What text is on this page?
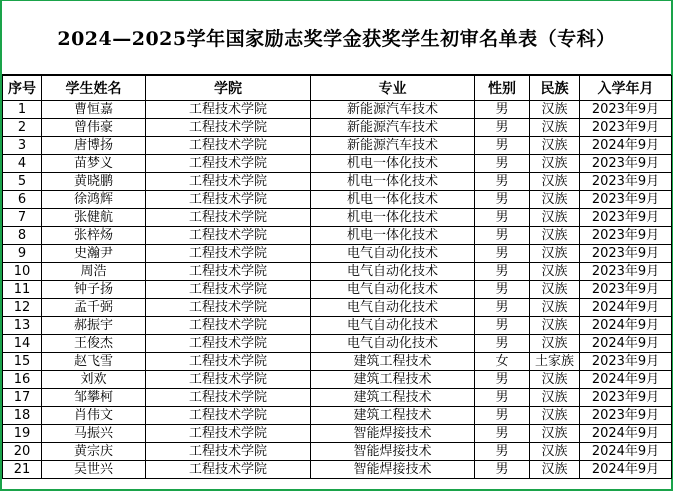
2024—2025学年国家励志奖学金获奖学生初审名单表（专科）
序号	学生姓名	学院	专业	性别	民族	入学年月
1	曹恒嘉	工程技术学院	新能源汽车技术	男	汉族	2023年9月
2	曾伟豪	工程技术学院	新能源汽车技术	男	汉族	2023年9月
3	唐博扬	工程技术学院	新能源汽车技术	男	汉族	2024年9月
4	苗梦义	工程技术学院	机电一体化技术	男	汉族	2023年9月
5	黄晓鹏	工程技术学院	机电一体化技术	男	汉族	2023年9月
6	徐鸿辉	工程技术学院	机电一体化技术	男	汉族	2023年9月
7	张健航	工程技术学院	机电一体化技术	男	汉族	2023年9月
8	张梓炀	工程技术学院	机电一体化技术	男	汉族	2023年9月
9	史瀚尹	工程技术学院	电气自动化技术	男	汉族	2023年9月
10	周浩	工程技术学院	电气自动化技术	男	汉族	2023年9月
11	钟子扬	工程技术学院	电气自动化技术	男	汉族	2023年9月
12	孟千弼	工程技术学院	电气自动化技术	男	汉族	2024年9月
13	郝振宇	工程技术学院	电气自动化技术	男	汉族	2024年9月
14	王俊杰	工程技术学院	电气自动化技术	男	汉族	2024年9月
15	赵飞雪	工程技术学院	建筑工程技术	女	土家族	2023年9月
16	刘欢	工程技术学院	建筑工程技术	男	汉族	2024年9月
17	邹攀柯	工程技术学院	建筑工程技术	男	汉族	2023年9月
18	肖伟文	工程技术学院	建筑工程技术	男	汉族	2023年9月
19	马振兴	工程技术学院	智能焊接技术	男	汉族	2024年9月
20	黄宗庆	工程技术学院	智能焊接技术	男	汉族	2024年9月
21	吴世兴	工程技术学院	智能焊接技术	男	汉族	2024年9月
